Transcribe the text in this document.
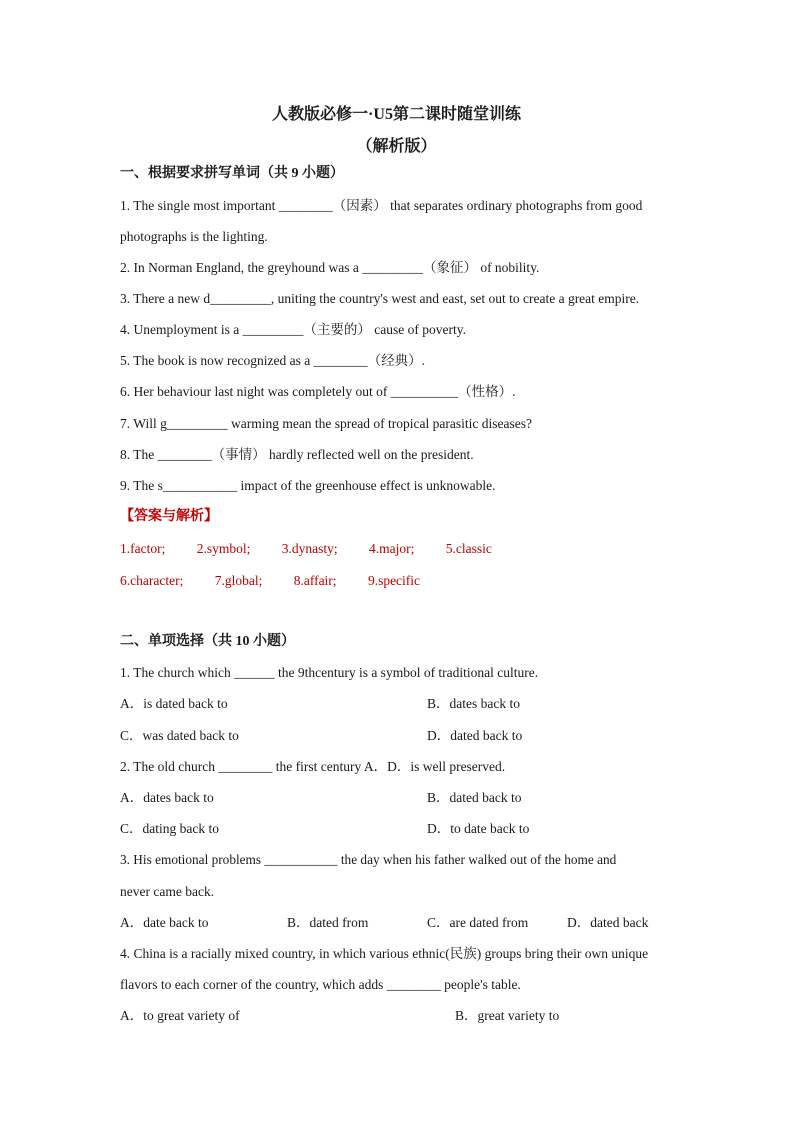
人教版必修一·U5第二课时随堂训练

（解析版）

一、根据要求拼写单词（共 9 小题）

1. The single most important ________（因素） that separates ordinary photographs from good

photographs is the lighting.

2. In Norman England, the greyhound was a _________（象征） of nobility.

3. There a new d_________, uniting the country's west and east, set out to create a great empire.

4. Unemployment is a _________（主要的） cause of poverty.

5. The book is now recognized as a ________（经典）.

6. Her behaviour last night was completely out of __________（性格）.

7. Will g_________ warming mean the spread of tropical parasitic diseases?

8. The ________（事情） hardly reflected well on the president.

9. The s___________ impact of the greenhouse effect is unknowable.

【答案与解析】

1.factor; 2.symbol; 3.dynasty; 4.major; 5.classic

6.character; 7.global; 8.affair; 9.specific

二、单项选择（共 10 小题）

1. The church which ______ the 9thcentury is a symbol of traditional culture.

A．is dated back to	B．dates back to

C．was dated back to	D．dated back to

2. The old church ________ the first century A．D．is well preserved.

A．dates back to	B．dated back to

C．dating back to	D．to date back to

3. His emotional problems ___________ the day when his father walked out of the home and

never came back.

A．date back to	B．dated from	C．are dated from	D．dated back

4. China is a racially mixed country, in which various ethnic(民族) groups bring their own unique

flavors to each corner of the country, which adds ________ people's table.

A．to great variety of	B．great variety to
